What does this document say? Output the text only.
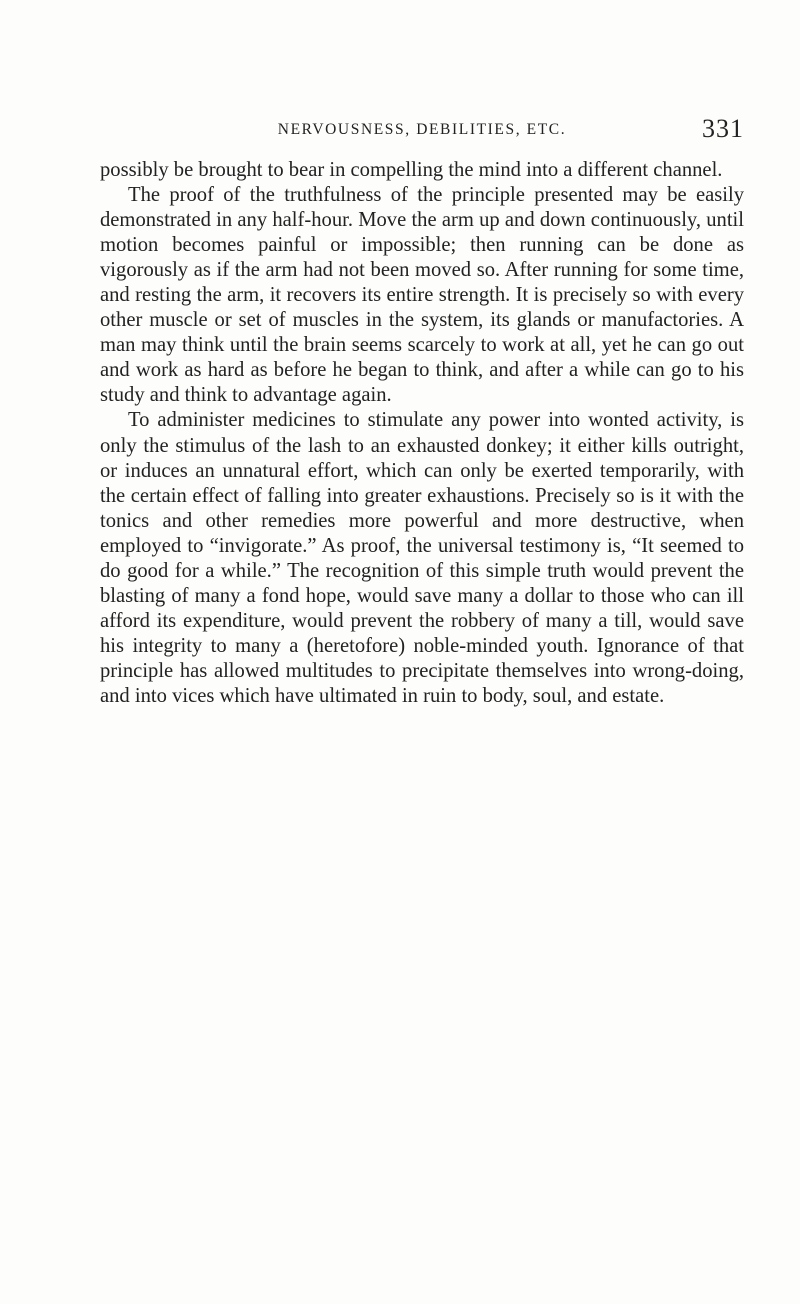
NERVOUSNESS, DEBILITIES, ETC.	331

possibly be brought to bear in compelling the mind into a different channel.

The proof of the truthfulness of the principle presented may be easily demonstrated in any half-hour. Move the arm up and down continuously, until motion becomes painful or impossible; then running can be done as vigorously as if the arm had not been moved so. After running for some time, and resting the arm, it recovers its entire strength. It is precisely so with every other muscle or set of muscles in the system, its glands or manufactories. A man may think until the brain seems scarcely to work at all, yet he can go out and work as hard as before he began to think, and after a while can go to his study and think to advantage again.

To administer medicines to stimulate any power into wonted activity, is only the stimulus of the lash to an exhausted donkey; it either kills outright, or induces an unnatural effort, which can only be exerted temporarily, with the certain effect of falling into greater exhaustions. Precisely so is it with the tonics and other remedies more powerful and more destructive, when employed to “invigorate.” As proof, the universal testimony is, “It seemed to do good for a while.” The recognition of this simple truth would prevent the blasting of many a fond hope, would save many a dollar to those who can ill afford its expenditure, would prevent the robbery of many a till, would save his integrity to many a (heretofore) noble-minded youth. Ignorance of that principle has allowed multitudes to precipitate themselves into wrong-doing, and into vices which have ultimated in ruin to body, soul, and estate.
